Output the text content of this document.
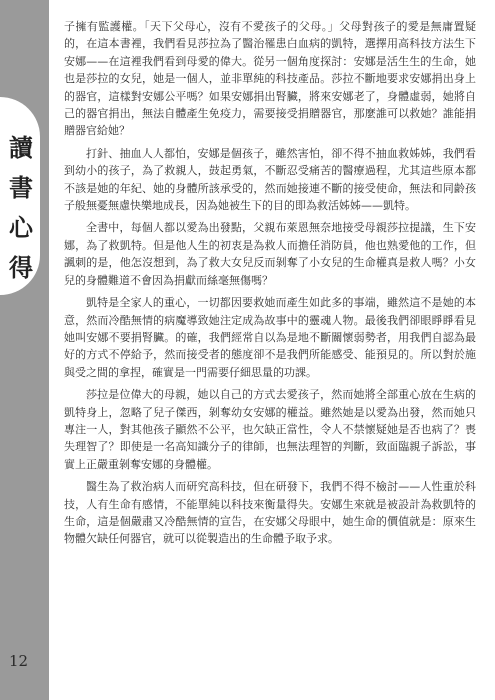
讀
書
心
得

子擁有監護權。「天下父母心，沒有不愛孩子的父母。」父母對孩子的愛是無庸置疑的，在這本書裡，我們看見莎拉為了醫治罹患白血病的凱特，選擇用高科技方法生下安娜——在這裡我們看到母愛的偉大。從另一個角度探討：安娜是活生生的生命，她也是莎拉的女兒，她是一個人，並非單純的科技產品。莎拉不斷地要求安娜捐出身上的器官，這樣對安娜公平嗎？如果安娜捐出腎臟，將來安娜老了，身體虛弱，她將自己的器官捐出，無法自體產生免疫力，需要接受捐贈器官，那麼誰可以救她？誰能捐贈器官給她？

打針、抽血人人都怕，安娜是個孩子，雖然害怕，卻不得不抽血救姊姊，我們看到幼小的孩子，為了救親人，鼓起勇氣，不斷忍受痛苦的醫療過程，尤其這些原本都不該是她的年紀、她的身體所該承受的，然而她接連不斷的接受使命，無法和同齡孩子般無憂無慮快樂地成長，因為她被生下的目的即為救活姊姊——凱特。

全書中，每個人都以愛為出發點，父親布萊恩無奈地接受母親莎拉提議，生下安娜，為了救凱特。但是他人生的初衷是為救人而擔任消防員，他也熟愛他的工作，但諷刺的是，他怎沒想到，為了救大女兒反而剝奪了小女兒的生命權真是救人嗎？小女兒的身體難道不會因為捐獻而絲毫無傷嗎？

凱特是全家人的重心，一切都因要救她而產生如此多的事端，雖然這不是她的本意，然而冷酷無情的病魔導致她注定成為故事中的靈魂人物。最後我們卻眼睜睜看見她叫安娜不要捐腎臟。的確，我們經常自以為是地不斷關懷弱勢者，用我們自認為最好的方式不停給予，然而接受者的態度卻不是我們所能感受、能預見的。所以對於施與受之間的拿捏，確實是一門需要仔細思量的功課。

莎拉是位偉大的母親，她以自己的方式去愛孩子，然而她將全部重心放在生病的凱特身上，忽略了兒子傑西，剝奪幼女安娜的權益。雖然她是以愛為出發，然而她只專注一人，對其他孩子顯然不公平，也欠缺正當性，令人不禁懷疑她是否也病了？喪失理智了？即使是一名高知識分子的律師，也無法理智的判斷，致面臨親子訴訟，事實上正嚴重剝奪安娜的身體權。

醫生為了救治病人而研究高科技，但在研發下，我們不得不檢討——人性重於科技，人有生命有感情，不能單純以科技來衡量得失。安娜生來就是被設計為救凱特的生命，這是個嚴肅又冷酷無情的宣告，在安娜父母眼中，她生命的價值就是：原來生物體欠缺任何器官，就可以從製造出的生命體予取予求。

12
